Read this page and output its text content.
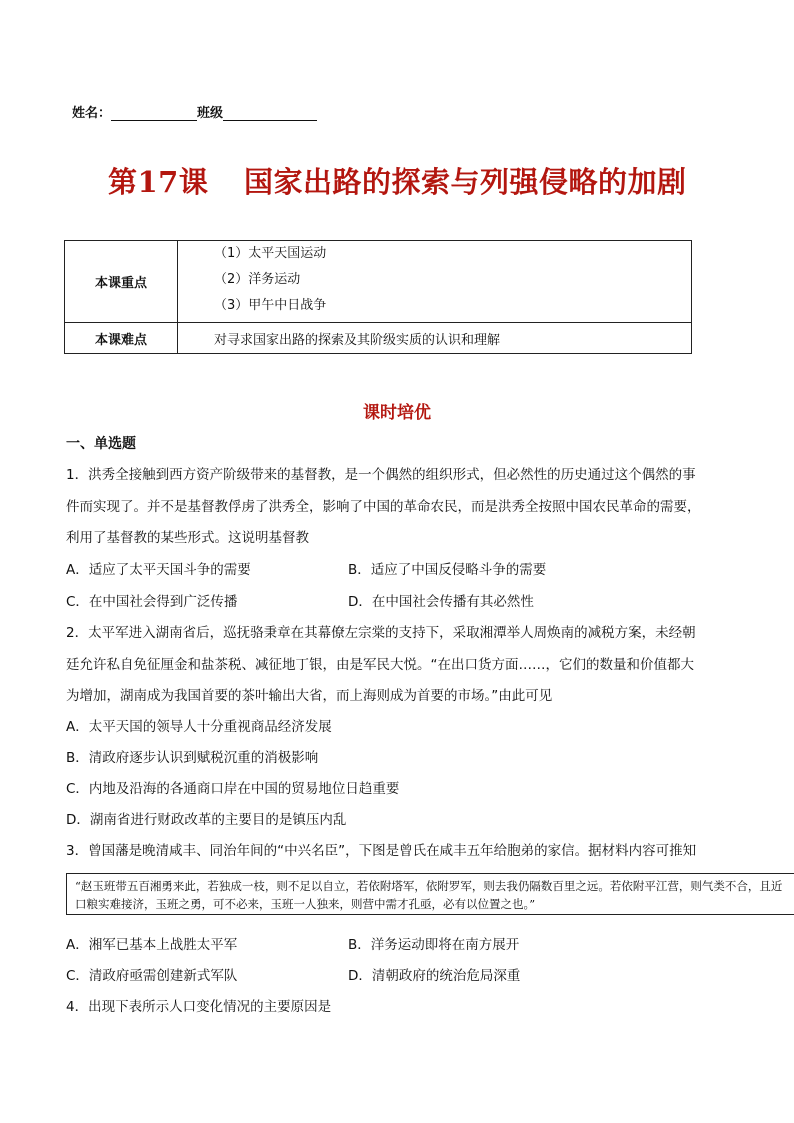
姓名：	班级
第17课 国家出路的探索与列强侵略的加剧
本课重点	（1）太平天国运动
（2）洋务运动
（3）甲午中日战争

本课难点	对寻求国家出路的探索及其阶级实质的认识和理解
课时培优
一、单选题
1．洪秀全接触到西方资产阶级带来的基督教，是一个偶然的组织形式，但必然性的历史通过这个偶然的事
件而实现了。并不是基督教俘虏了洪秀全，影响了中国的革命农民，而是洪秀全按照中国农民革命的需要，
利用了基督教的某些形式。这说明基督教
A．适应了太平天国斗争的需要	B．适应了中国反侵略斗争的需要
C．在中国社会得到广泛传播	D．在中国社会传播有其必然性
2．太平军进入湖南省后，巡抚骆秉章在其幕僚左宗棠的支持下，采取湘潭举人周焕南的减税方案，未经朝
廷允许私自免征厘金和盐茶税、减征地丁银，由是军民大悦。“在出口货方面……，它们的数量和价值都大
为增加，湖南成为我国首要的茶叶输出大省，而上海则成为首要的市场。”由此可见
A．太平天国的领导人十分重视商品经济发展
B．清政府逐步认识到赋税沉重的消极影响
C．内地及沿海的各通商口岸在中国的贸易地位日趋重要
D．湖南省进行财政改革的主要目的是镇压内乱
3．曾国藩是晚清咸丰、同治年间的“中兴名臣”，下图是曾氏在咸丰五年给胞弟的家信。据材料内容可推知
“赵玉班带五百湘勇来此，若独成一枝，则不足以自立，若依附塔军，依附罗军，则去我仍隔数百里之远。若依附平江营，则气类不合，且近
口粮实难接济，玉班之勇，可不必来，玉班一人独来，则营中需才孔亟，必有以位置之也。”
A．湘军已基本上战胜太平军	B．洋务运动即将在南方展开
C．清政府亟需创建新式军队	D．清朝政府的统治危局深重
4．出现下表所示人口变化情况的主要原因是
